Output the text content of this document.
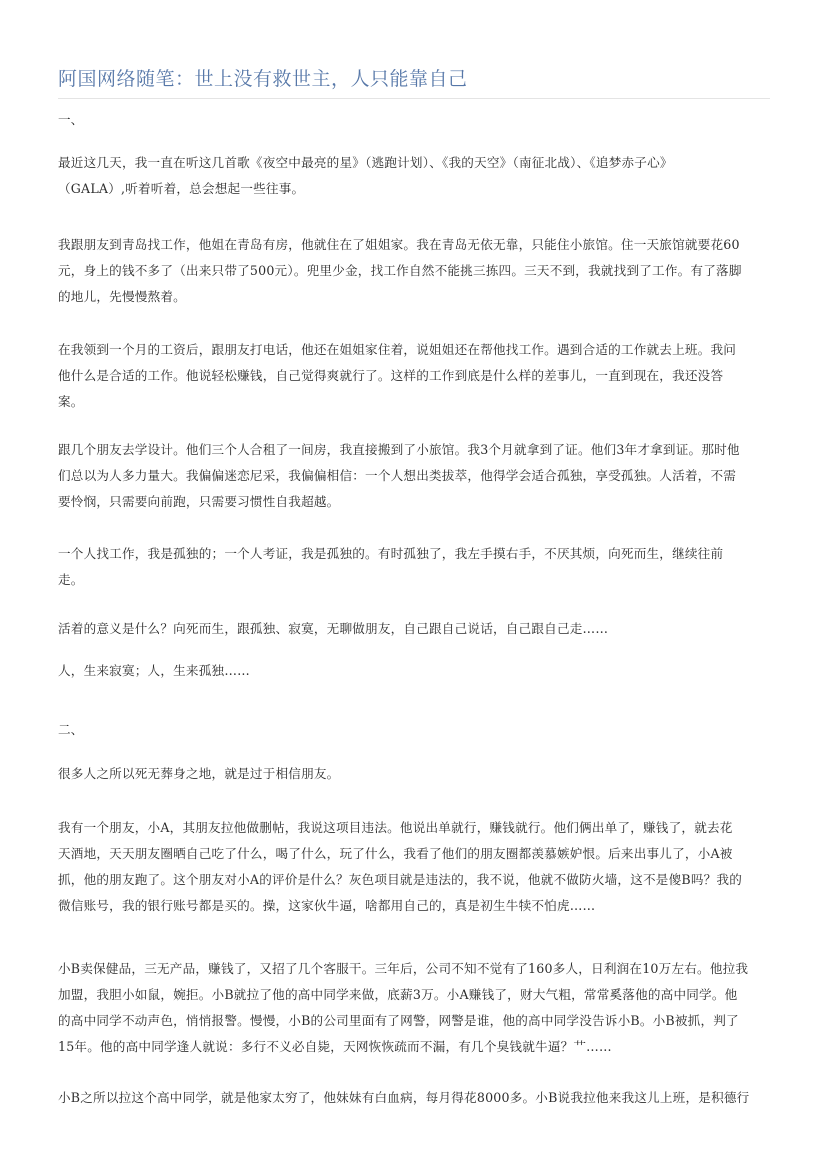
阿国网络随笔：世上没有救世主，人只能靠自己
一、
最近这几天，我一直在听这几首歌《夜空中最亮的星》（逃跑计划）、《我的天空》（南征北战）、《追梦赤子心》
（GALA）,听着听着，总会想起一些往事。
我跟朋友到青岛找工作，他姐在青岛有房，他就住在了姐姐家。我在青岛无依无靠，只能住小旅馆。住一天旅馆就要花60
元，身上的钱不多了（出来只带了500元）。兜里少金，找工作自然不能挑三拣四。三天不到，我就找到了工作。有了落脚
的地儿，先慢慢熬着。
在我领到一个月的工资后，跟朋友打电话，他还在姐姐家住着，说姐姐还在帮他找工作。遇到合适的工作就去上班。我问
他什么是合适的工作。他说轻松赚钱，自己觉得爽就行了。这样的工作到底是什么样的差事儿，一直到现在，我还没答
案。
跟几个朋友去学设计。他们三个人合租了一间房，我直接搬到了小旅馆。我3个月就拿到了证。他们3年才拿到证。那时他
们总以为人多力量大。我偏偏迷恋尼采，我偏偏相信：一个人想出类拔萃，他得学会适合孤独，享受孤独。人活着，不需
要怜悯，只需要向前跑，只需要习惯性自我超越。
一个人找工作，我是孤独的；一个人考证，我是孤独的。有时孤独了，我左手摸右手，不厌其烦，向死而生，继续往前
走。
活着的意义是什么？向死而生，跟孤独、寂寞，无聊做朋友，自己跟自己说话，自己跟自己走……
人，生来寂寞；人，生来孤独……
二、
很多人之所以死无葬身之地，就是过于相信朋友。
我有一个朋友，小A，其朋友拉他做删帖，我说这项目违法。他说出单就行，赚钱就行。他们俩出单了，赚钱了，就去花
天酒地，天天朋友圈晒自己吃了什么，喝了什么，玩了什么，我看了他们的朋友圈都羡慕嫉妒恨。后来出事儿了，小A被
抓，他的朋友跑了。这个朋友对小A的评价是什么？灰色项目就是违法的，我不说，他就不做防火墙，这不是傻B吗？我的
微信账号，我的银行账号都是买的。操，这家伙牛逼，啥都用自己的，真是初生牛犊不怕虎……
小B卖保健品，三无产品，赚钱了，又招了几个客服干。三年后，公司不知不觉有了160多人，日利润在10万左右。他拉我
加盟，我胆小如鼠，婉拒。小B就拉了他的高中同学来做，底薪3万。小A赚钱了，财大气粗，常常奚落他的高中同学。他
的高中同学不动声色，悄悄报警。慢慢，小B的公司里面有了网警，网警是谁，他的高中同学没告诉小B。小B被抓，判了
15年。他的高中同学逢人就说：多行不义必自毙，天网恢恢疏而不漏，有几个臭钱就牛逼？艹……
小B之所以拉这个高中同学，就是他家太穷了，他妹妹有白血病，每月得花8000多。小B说我拉他来我这儿上班，是积德行
